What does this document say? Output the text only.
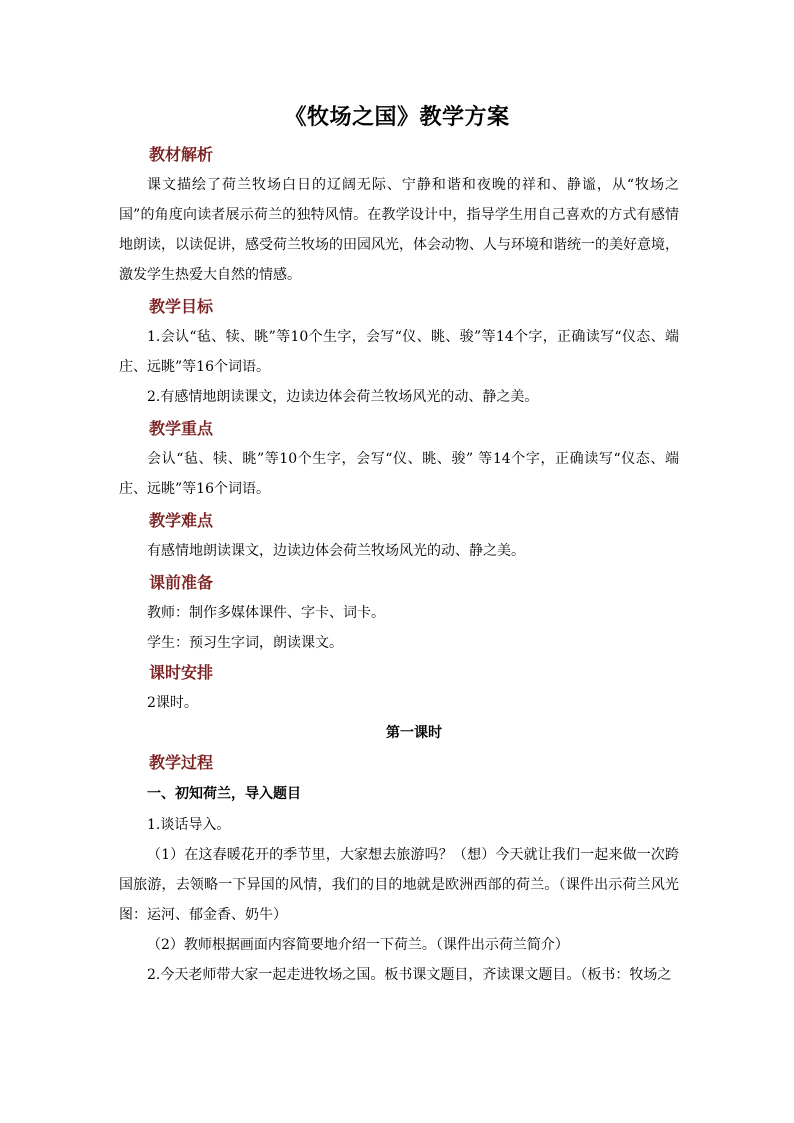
《牧场之国》教学方案
教材解析

课文描绘了荷兰牧场白日的辽阔无际、宁静和谐和夜晚的祥和、静谧，从“牧场之国”的角度向读者展示荷兰的独特风情。在教学设计中，指导学生用自己喜欢的方式有感情地朗读，以读促讲，感受荷兰牧场的田园风光，体会动物、人与环境和谐统一的美好意境，激发学生热爱大自然的情感。

教学目标

1.会认“毡、犊、眺”等10个生字，会写“仪、眺、骏”等14个字，正确读写“仪态、端庄、远眺”等16个词语。

2.有感情地朗读课文，边读边体会荷兰牧场风光的动、静之美。

教学重点

会认“毡、犊、眺”等10个生字，会写“仪、眺、骏” 等14个字，正确读写“仪态、端庄、远眺”等16个词语。

教学难点

有感情地朗读课文，边读边体会荷兰牧场风光的动、静之美。

课前准备

教师：制作多媒体课件、字卡、词卡。

学生：预习生字词，朗读课文。

课时安排

2课时。

第一课时
教学过程
一、初知荷兰，导入题目

1.谈话导入。

（1）在这春暖花开的季节里，大家想去旅游吗？（想）今天就让我们一起来做一次跨国旅游，去领略一下异国的风情，我们的目的地就是欧洲西部的荷兰。（课件出示荷兰风光图：运河、郁金香、奶牛）

（2）教师根据画面内容简要地介绍一下荷兰。（课件出示荷兰简介）

2.今天老师带大家一起走进牧场之国。板书课文题目，齐读课文题目。（板书：牧场之
